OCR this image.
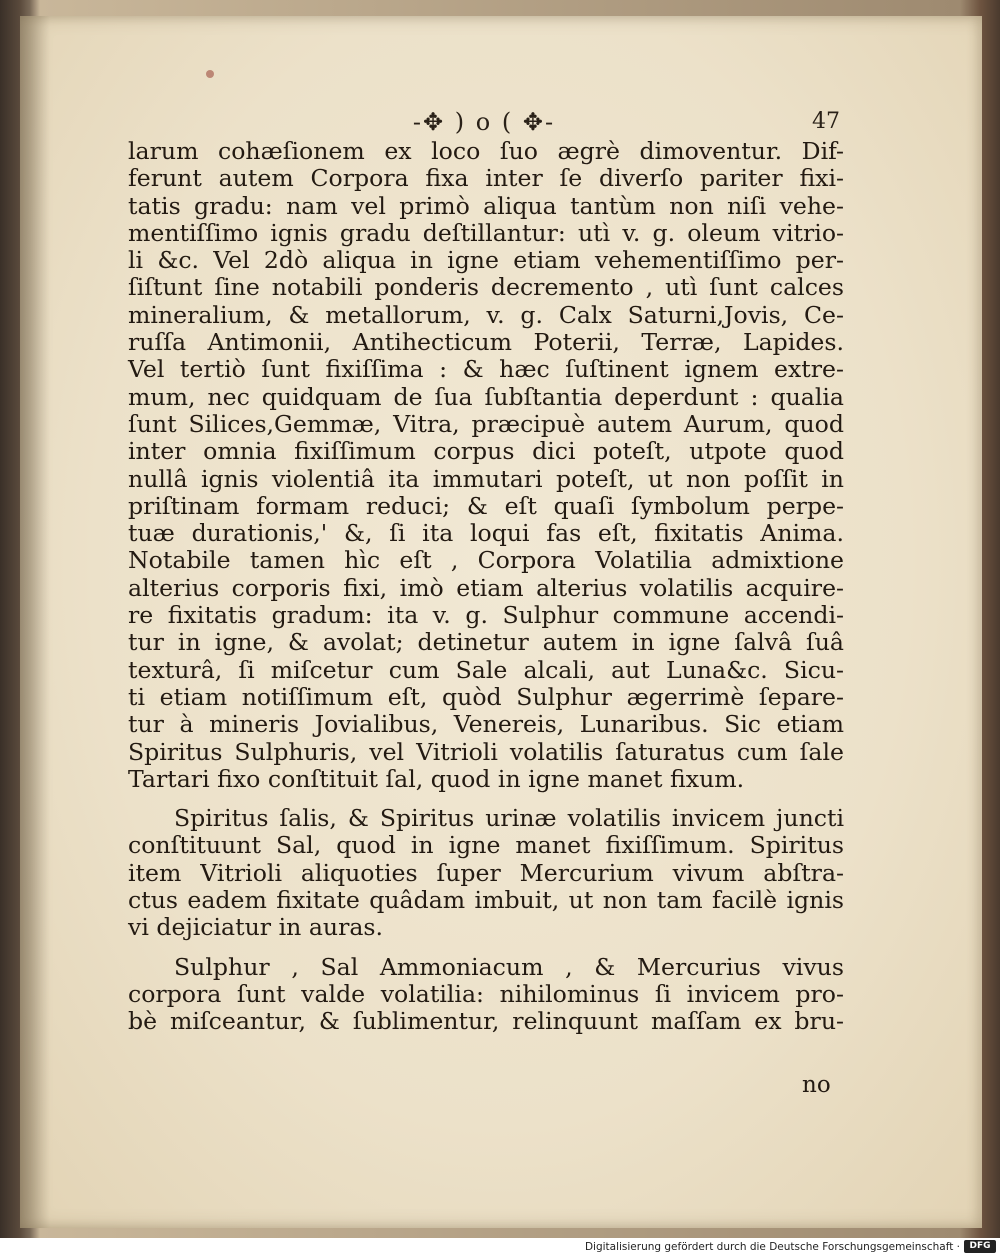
-✥ ) o ( ✥-	47
larum cohæſionem ex loco ſuo ægrè dimoventur. Dif-
ferunt autem Corpora fixa inter ſe diverſo pariter fixi-
tatis gradu: nam vel primò aliqua tantùm non niſi vehe-
mentiſſimo ignis gradu deſtillantur: utì v. g. oleum vitrio-
li &c. Vel 2dò aliqua in igne etiam vehementiſſimo per-
ſiſtunt ſine notabili ponderis decremento , utì ſunt calces
mineralium, & metallorum, v. g. Calx Saturni,Jovis, Ce-
ruſſa Antimonii, Antihecticum Poterii, Terræ, Lapides.
Vel tertiò ſunt fixiſſima : & hæc ſuſtinent ignem extre-
mum, nec quidquam de ſua ſubſtantia deperdunt : qualia
ſunt Silices,Gemmæ, Vitra, præcipuè autem Aurum, quod
inter omnia fixiſſimum corpus dici poteſt, utpote quod
nullâ ignis violentiâ ita immutari poteſt, ut non poſſit in
priſtinam formam reduci; & eſt quaſi ſymbolum perpe-
tuæ durationis,' &, ſi ita loqui fas eſt, fixitatis Anima.
Notabile tamen hìc eſt , Corpora Volatilia admixtione
alterius corporis fixi, imò etiam alterius volatilis acquire-
re fixitatis gradum: ita v. g. Sulphur commune accendi-
tur in igne, & avolat; detinetur autem in igne ſalvâ ſuâ
texturâ, ſi miſcetur cum Sale alcali, aut Luna&c. Sicu-
ti etiam notiſſimum eſt, quòd Sulphur ægerrimè ſepare-
tur à mineris Jovialibus, Venereis, Lunaribus. Sic etiam
Spiritus Sulphuris, vel Vitrioli volatilis ſaturatus cum ſale
Tartari fixo conſtituit ſal, quod in igne manet fixum.
Spiritus ſalis, & Spiritus urinæ volatilis invicem juncti
conſtituunt Sal, quod in igne manet fixiſſimum. Spiritus
item Vitrioli aliquoties ſuper Mercurium vivum abſtra-
ctus eadem fixitate quâdam imbuit, ut non tam facilè ignis
vi dejiciatur in auras.
Sulphur , Sal Ammoniacum , & Mercurius vivus
corpora ſunt valde volatilia: nihilominus ſi invicem pro-
bè miſceantur, & ſublimentur, relinquunt maſſam ex bru-
no
Digitalisierung gefördert durch die Deutsche Forschungsgemeinschaft ·	DFG
